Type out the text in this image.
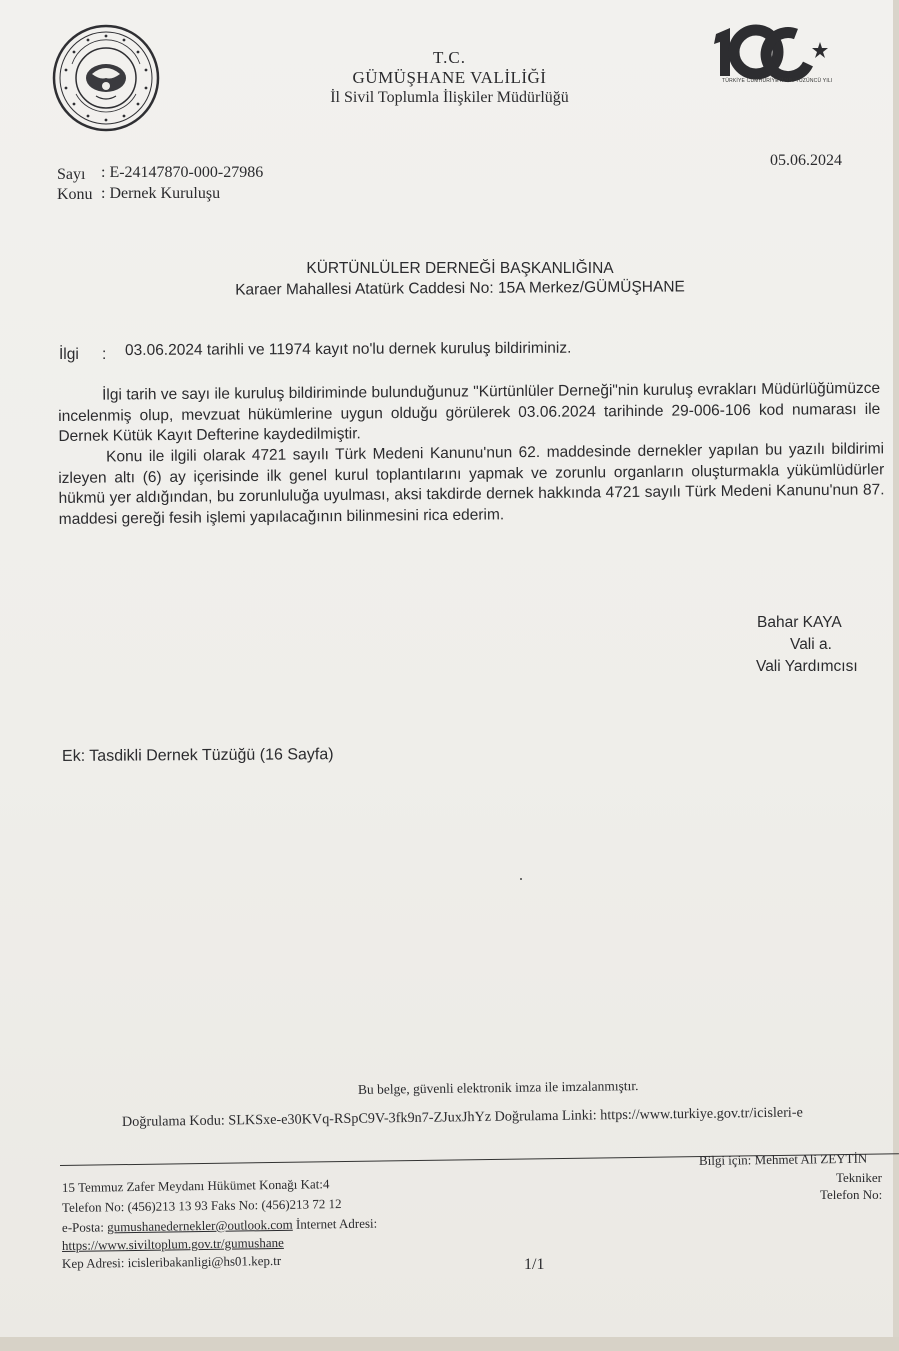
TÜRKİYE CUMHURİYETİ'NİN YÜZÜNCÜ YILI
T.C.
GÜMÜŞHANE VALİLİĞİ
İl Sivil Toplumla İlişkiler Müdürlüğü
Sayı : E-24147870-000-27986
Konu : Dernek Kuruluşu
05.06.2024
KÜRTÜNLÜLER DERNEĞİ BAŞKANLIĞINA
Karaer Mahallesi Atatürk Caddesi No: 15A Merkez/GÜMÜŞHANE
İlgi : 03.06.2024 tarihli ve 11974 kayıt no'lu dernek kuruluş bildiriminiz.
İlgi tarih ve sayı ile kuruluş bildiriminde bulunduğunuz "Kürtünlüler Derneği"nin kuruluş evrakları Müdürlüğümüzce incelenmiş olup, mevzuat hükümlerine uygun olduğu görülerek 03.06.2024 tarihinde 29-006-106 kod numarası ile Dernek Kütük Kayıt Defterine kaydedilmiştir.
Konu ile ilgili olarak 4721 sayılı Türk Medeni Kanunu'nun 62. maddesinde dernekler yapılan bu yazılı bildirimi izleyen altı (6) ay içerisinde ilk genel kurul toplantılarını yapmak ve zorunlu organların oluşturmakla yükümlüdürler hükmü yer aldığından, bu zorunluluğa uyulması, aksi takdirde dernek hakkında 4721 sayılı Türk Medeni Kanunu'nun 87. maddesi gereği fesih işlemi yapılacağının bilinmesini rica ederim.
Bahar KAYA
Vali a.
Vali Yardımcısı
Ek: Tasdikli Dernek Tüzüğü (16 Sayfa)
Bu belge, güvenli elektronik imza ile imzalanmıştır.
Doğrulama Kodu: SLKSxe-e30KVq-RSpC9V-3fk9n7-ZJuxJhYz Doğrulama Linki: https://www.turkiye.gov.tr/icisleri-e
15 Temmuz Zafer Meydanı Hükümet Konağı Kat:4
Telefon No: (456)213 13 93 Faks No: (456)213 72 12
e-Posta: gumushanedernekler@outlook.com İnternet Adresi:
https://www.siviltoplum.gov.tr/gumushane
Kep Adresi: icisleribakanligi@hs01.kep.tr
Bilgi için: Mehmet Ali ZEYTİN
Tekniker
Telefon No:
1/1
